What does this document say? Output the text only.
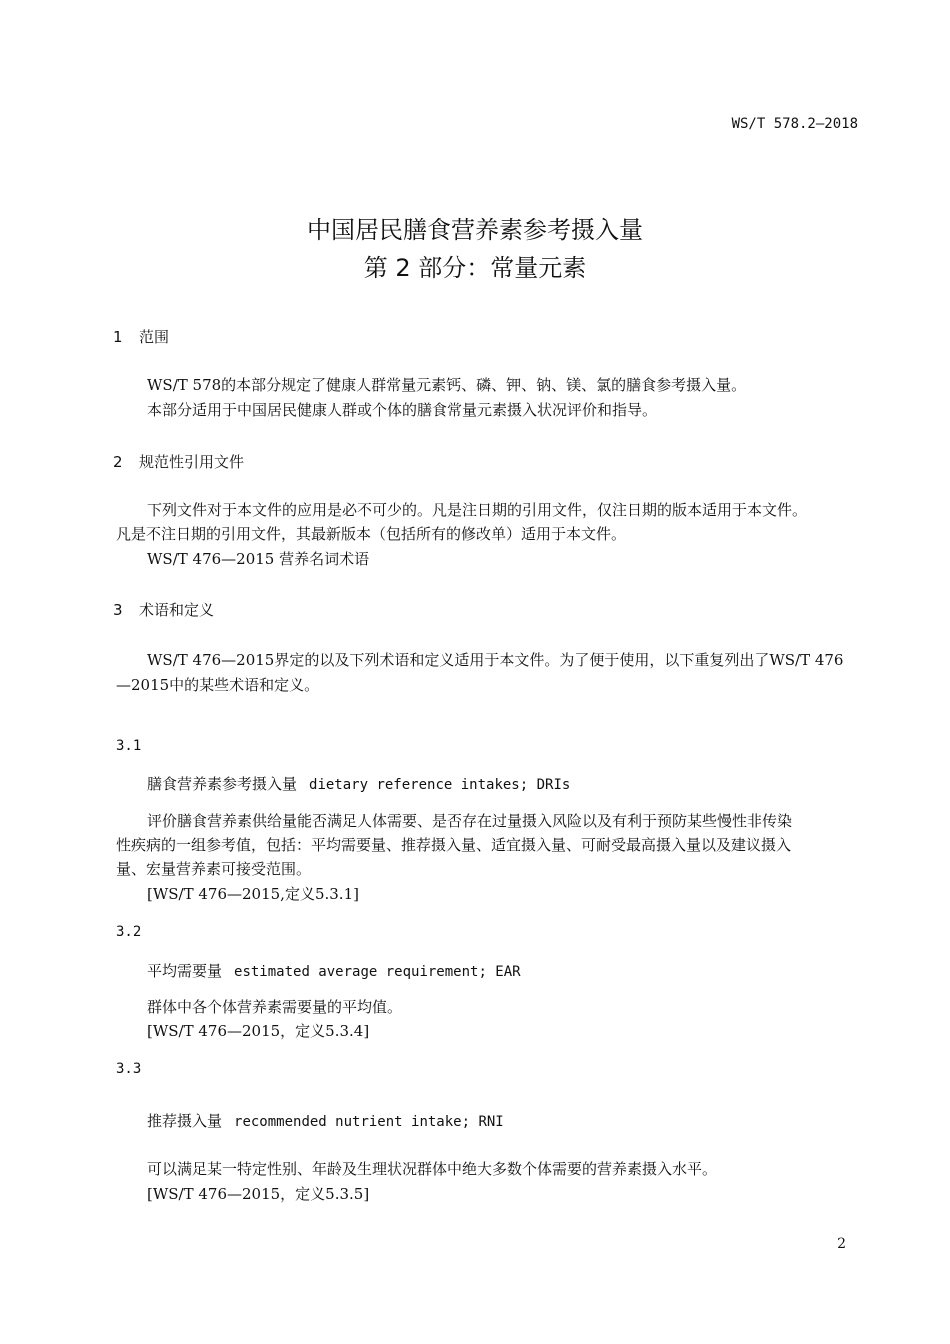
WS/T 578.2—2018
中国居民膳食营养素参考摄入量
第 2 部分：常量元素
1 范围
WS/T 578的本部分规定了健康人群常量元素钙、磷、钾、钠、镁、氯的膳食参考摄入量。
本部分适用于中国居民健康人群或个体的膳食常量元素摄入状况评价和指导。
2 规范性引用文件
下列文件对于本文件的应用是必不可少的。凡是注日期的引用文件，仅注日期的版本适用于本文件。
凡是不注日期的引用文件，其最新版本（包括所有的修改单）适用于本文件。
WS/T 476—2015 营养名词术语
3 术语和定义
WS/T 476—2015界定的以及下列术语和定义适用于本文件。为了便于使用，以下重复列出了WS/T 476
—2015中的某些术语和定义。
3.1
膳食营养素参考摄入量 dietary reference intakes; DRIs
评价膳食营养素供给量能否满足人体需要、是否存在过量摄入风险以及有利于预防某些慢性非传染
性疾病的一组参考值，包括：平均需要量、推荐摄入量、适宜摄入量、可耐受最高摄入量以及建议摄入
量、宏量营养素可接受范围。
[WS/T 476—2015,定义5.3.1]
3.2
平均需要量 estimated average requirement; EAR
群体中各个体营养素需要量的平均值。
[WS/T 476—2015，定义5.3.4]
3.3
推荐摄入量 recommended nutrient intake; RNI
可以满足某一特定性别、年龄及生理状况群体中绝大多数个体需要的营养素摄入水平。
[WS/T 476—2015，定义5.3.5]
2
